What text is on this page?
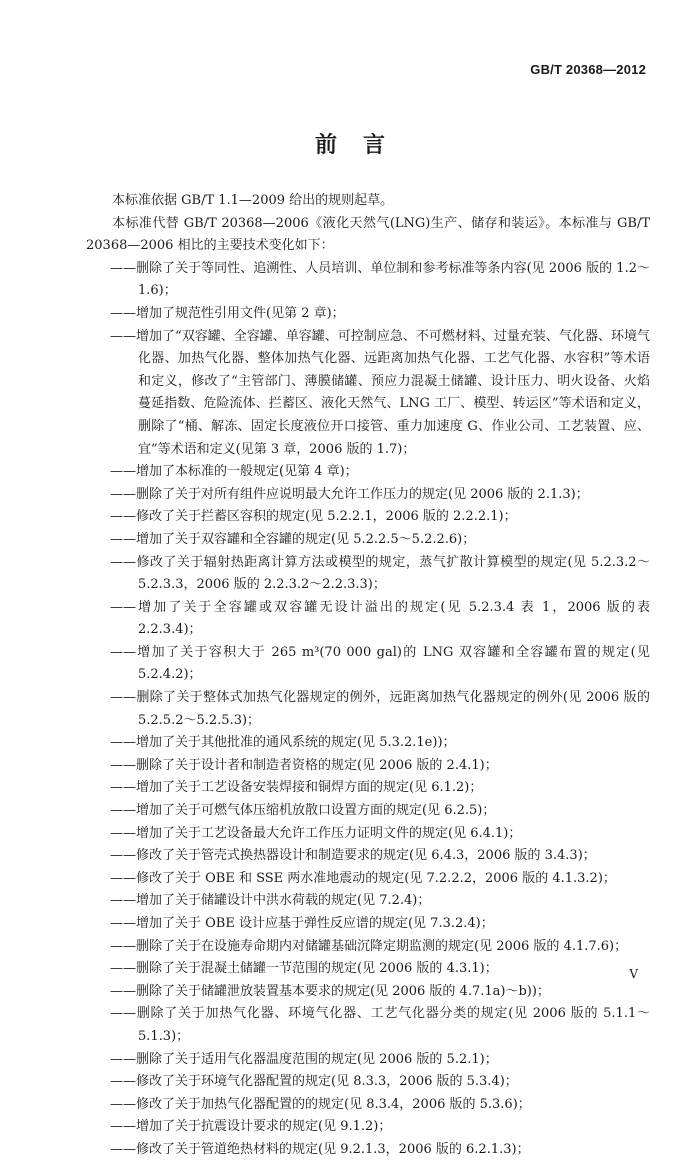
GB/T 20368—2012
前言

本标准依据 GB/T 1.1—2009 给出的规则起草。

本标准代替 GB/T 20368—2006《液化天然气(LNG)生产、储存和装运》。本标准与 GB/T 20368—2006 相比的主要技术变化如下：

——删除了关于等同性、追溯性、人员培训、单位制和参考标准等条内容(见 2006 版的 1.2～1.6)；

——增加了规范性引用文件(见第 2 章)；

——增加了“双容罐、全容罐、单容罐、可控制应急、不可燃材料、过量充装、气化器、环境气化器、加热气化器、整体加热气化器、远距离加热气化器、工艺气化器、水容积”等术语和定义，修改了“主管部门、薄膜储罐、预应力混凝土储罐、设计压力、明火设备、火焰蔓延指数、危险流体、拦蓄区、液化天然气、LNG 工厂、模型、转运区”等术语和定义，删除了“桶、解冻、固定长度液位开口接管、重力加速度 G、作业公司、工艺装置、应、宜”等术语和定义(见第 3 章，2006 版的 1.7)；

——增加了本标准的一般规定(见第 4 章)；

——删除了关于对所有组件应说明最大允许工作压力的规定(见 2006 版的 2.1.3)；

——修改了关于拦蓄区容积的规定(见 5.2.2.1，2006 版的 2.2.2.1)；

——增加了关于双容罐和全容罐的规定(见 5.2.2.5～5.2.2.6)；

——修改了关于辐射热距离计算方法或模型的规定，蒸气扩散计算模型的规定(见 5.2.3.2～5.2.3.3，2006 版的 2.2.3.2～2.2.3.3)；

——增加了关于全容罐或双容罐无设计溢出的规定(见 5.2.3.4 表 1，2006 版的表 2.2.3.4)；

——增加了关于容积大于 265 m³(70 000 gal)的 LNG 双容罐和全容罐布置的规定(见 5.2.4.2)；

——删除了关于整体式加热气化器规定的例外，远距离加热气化器规定的例外(见 2006 版的 5.2.5.2～5.2.5.3)；

——增加了关于其他批准的通风系统的规定(见 5.3.2.1e))；

——删除了关于设计者和制造者资格的规定(见 2006 版的 2.4.1)；

——增加了关于工艺设备安装焊接和铜焊方面的规定(见 6.1.2)；

——增加了关于可燃气体压缩机放散口设置方面的规定(见 6.2.5)；

——增加了关于工艺设备最大允许工作压力证明文件的规定(见 6.4.1)；

——修改了关于管壳式换热器设计和制造要求的规定(见 6.4.3，2006 版的 3.4.3)；

——修改了关于 OBE 和 SSE 两水准地震动的规定(见 7.2.2.2，2006 版的 4.1.3.2)；

——增加了关于储罐设计中洪水荷载的规定(见 7.2.4)；

——增加了关于 OBE 设计应基于弹性反应谱的规定(见 7.3.2.4)；

——删除了关于在设施寿命期内对储罐基础沉降定期监测的规定(见 2006 版的 4.1.7.6)；

——删除了关于混凝土储罐一节范围的规定(见 2006 版的 4.3.1)；

——删除了关于储罐泄放装置基本要求的规定(见 2006 版的 4.7.1a)～b))；

——删除了关于加热气化器、环境气化器、工艺气化器分类的规定(见 2006 版的 5.1.1～5.1.3)；

——删除了关于适用气化器温度范围的规定(见 2006 版的 5.2.1)；

——修改了关于环境气化器配置的规定(见 8.3.3，2006 版的 5.3.4)；

——修改了关于加热气化器配置的的规定(见 8.3.4，2006 版的 5.3.6)；

——增加了关于抗震设计要求的规定(见 9.1.2)；

——修改了关于管道绝热材料的规定(见 9.2.1.3，2006 版的 6.2.1.3)；

V
